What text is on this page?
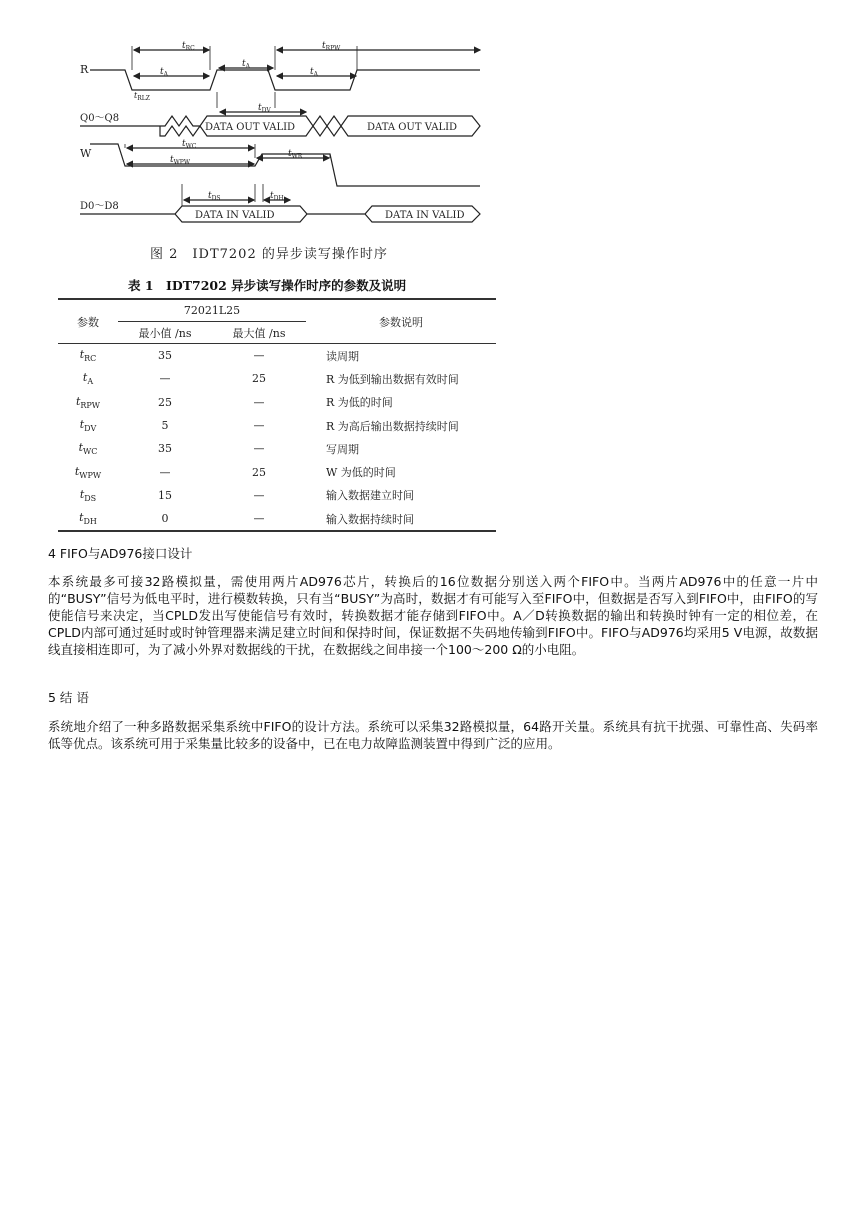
R
Q0～Q8
W
D0～D8
DATA OUT VALID	DATA OUT VALID
DATA IN VALID	DATA IN VALID
$t_{RC}$	$t_{RPW}$
$t_A$
$t_A$
$t_A$
$t_{RLZ}$
$t_{DV}$
$t_{WC}$
$t_{WPW}$
$t_{WR}$
$t_{DS}$	$t_{DH}$
图 2　IDT7202 的异步读写操作时序
表 1　IDT7202 异步读写操作时序的参数及说明
参数	72021L25		参数说明
	最小值 /ns	最大值 /ns	
$t_{RC}$	35	—	读周期
$t_A$	—	25	R 为低到输出数据有效时间
$t_{RPW}$	25	—	R 为低的时间
$t_{DV}$	5	—	R 为高后输出数据持续时间
$t_{WC}$	35	—	写周期
$t_{WPW}$	—	25	W 为低的时间
$t_{DS}$	15	—	输入数据建立时间
$t_{DH}$	0	—	输入数据持续时间
4 FIFO与AD976接口设计

本系统最多可接32路模拟量，需使用两片AD976芯片，转换后的16位数据分别送入两个FIFO中。当两片AD976中的任意一片中的“BUSY”信号为低电平时，进行模数转换，只有当“BUSY”为高时，数据才有可能写入至FIFO中，但数据是否写入到FIFO中，由FIFO的写使能信号来决定，当CPLD发出写使能信号有效时，转换数据才能存储到FIFO中。A／D转换数据的输出和转换时钟有一定的相位差，在CPLD内部可通过延时或时钟管理器来满足建立时间和保持时间，保证数据不失码地传输到FIFO中。FIFO与AD976均采用5 V电源，故数据线直接相连即可，为了减小外界对数据线的干扰，在数据线之间串接一个100～200 Ω的小电阻。

5 结 语

系统地介绍了一种多路数据采集系统中FIFO的设计方法。系统可以采集32路模拟量，64路开关量。系统具有抗干扰强、可靠性高、失码率低等优点。该系统可用于采集量比较多的设备中，已在电力故障监测装置中得到广泛的应用。
